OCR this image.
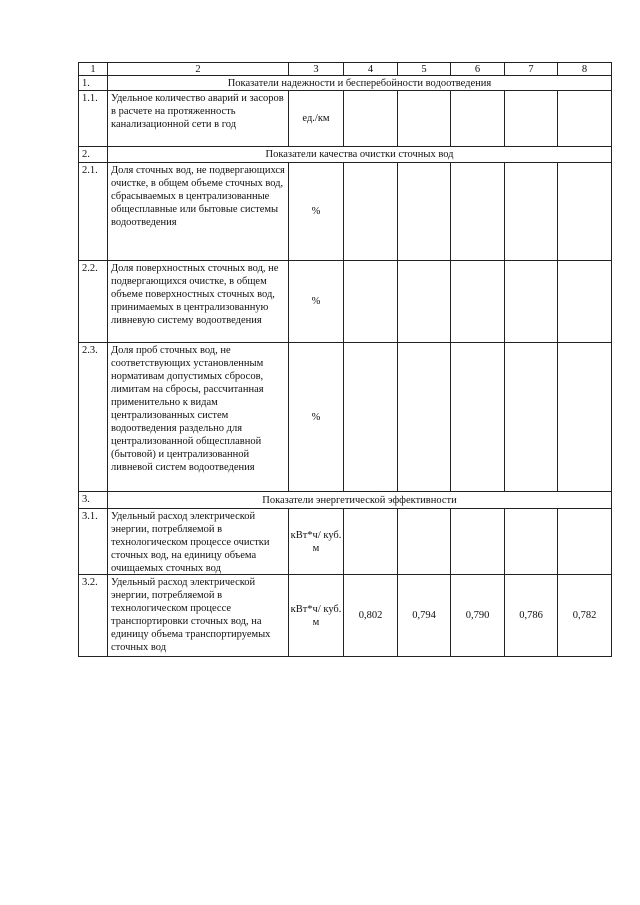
1	2	3	4	5	6	7	8
1.	Показатели надежности и бесперебойности водоотведения						
1.1.	Удельное количество аварий и засоров в расчете на протяженность канализационной сети в год	ед./км					
2.	Показатели качества очистки сточных вод						
2.1.	Доля сточных вод, не подвергающихся очистке, в общем объеме сточных вод, сбрасываемых в централизованные общесплавные или бытовые системы водоотведения	%					
2.2.	Доля поверхностных сточных вод, не подвергающихся очистке, в общем объеме поверхностных сточных вод, принимаемых в централизованную ливневую систему водоотведения	%					
2.3.	Доля проб сточных вод, не соответствующих установленным нормативам допустимых сбросов, лимитам на сбросы, рассчитанная применительно к видам централизованных систем водоотведения раздельно для централизованной общесплавной (бытовой) и централизованной ливневой систем водоотведения	%					
3.	Показатели энергетической эффективности						
3.1.	Удельный расход электрической энергии, потребляемой в технологическом процессе очистки сточных вод, на единицу объема очищаемых сточных вод	кВт*ч/ куб. м					
3.2.	Удельный расход электрической энергии, потребляемой в технологическом процессе транспортировки сточных вод, на единицу объема транспортируемых сточных вод	кВт*ч/ куб. м	0,802	0,794	0,790	0,786	0,782
